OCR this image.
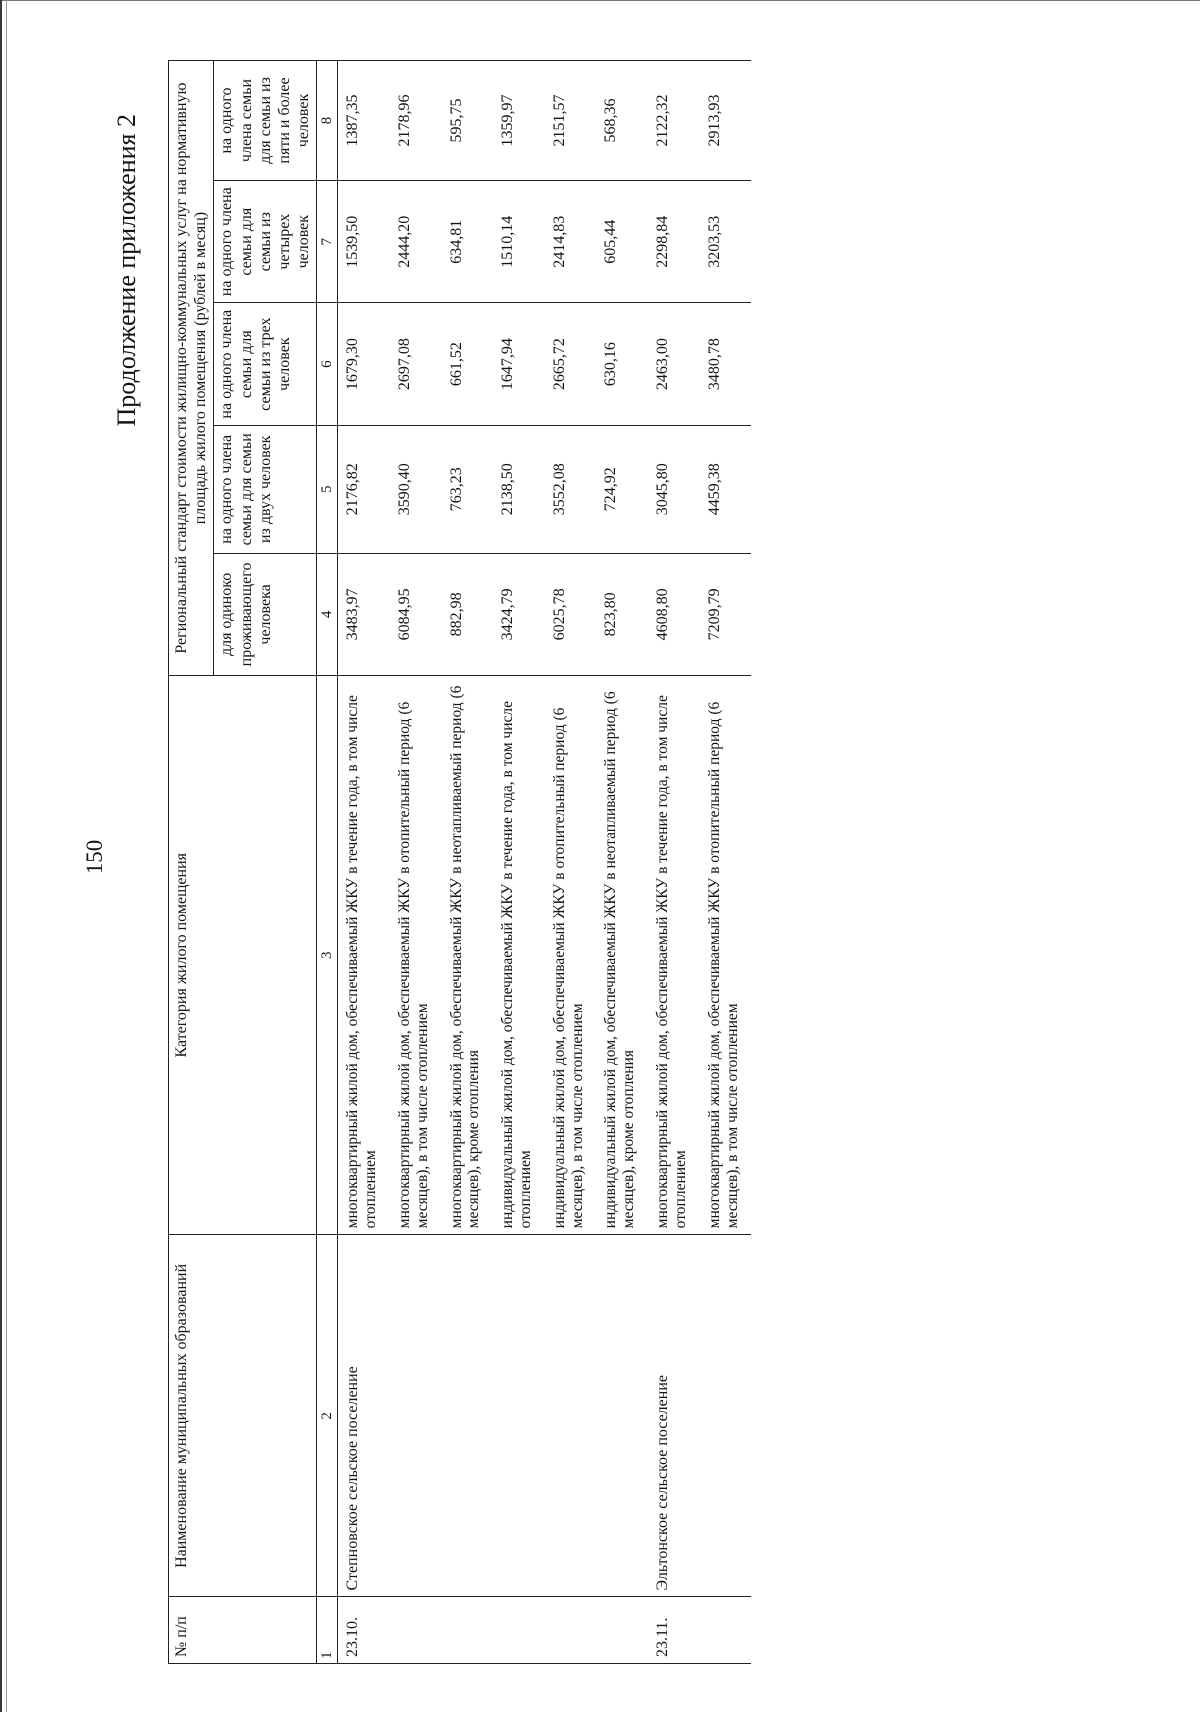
150
Продолжение приложения 2
№ п/п	Наименование муниципальных образований	Категория жилого помещения	Региональный стандарт стоимости жилищно-коммунальных услуг на нормативную площадь жилого помещения (рублей в месяц)				
			для одиноко проживающего человека	на одного члена семьи для семьи из двух человек	на одного члена семьи для семьи из трех человек	на одного члена семьи для семьи из четырех человек	на одного члена семьи для семьи из пяти и более человек
1	2	3	4	5	6	7	8
23.10.	Степновское сельское поселение	многоквартирный жилой дом, обеспечиваемый ЖКУ в течение года, в том числе отоплением	3483,97	2176,82	1679,30	1539,50	1387,35
		многоквартирный жилой дом, обеспечиваемый ЖКУ в отопительный период (6 месяцев), в том числе отоплением	6084,95	3590,40	2697,08	2444,20	2178,96
		многоквартирный жилой дом, обеспечиваемый ЖКУ в неотапливаемый период (6 месяцев), кроме отопления	882,98	763,23	661,52	634,81	595,75
		индивидуальный жилой дом, обеспечиваемый ЖКУ в течение года, в том числе отоплением	3424,79	2138,50	1647,94	1510,14	1359,97
		индивидуальный жилой дом, обеспечиваемый ЖКУ в отопительный период (6 месяцев), в том числе отоплением	6025,78	3552,08	2665,72	2414,83	2151,57
		индивидуальный жилой дом, обеспечиваемый ЖКУ в неотапливаемый период (6 месяцев), кроме отопления	823,80	724,92	630,16	605,44	568,36
23.11.	Эльтонское сельское поселение	многоквартирный жилой дом, обеспечиваемый ЖКУ в течение года, в том числе отоплением	4608,80	3045,80	2463,00	2298,84	2122,32
		многоквартирный жилой дом, обеспечиваемый ЖКУ в отопительный период (6 месяцев), в том числе отоплением	7209,79	4459,38	3480,78	3203,53	2913,93
